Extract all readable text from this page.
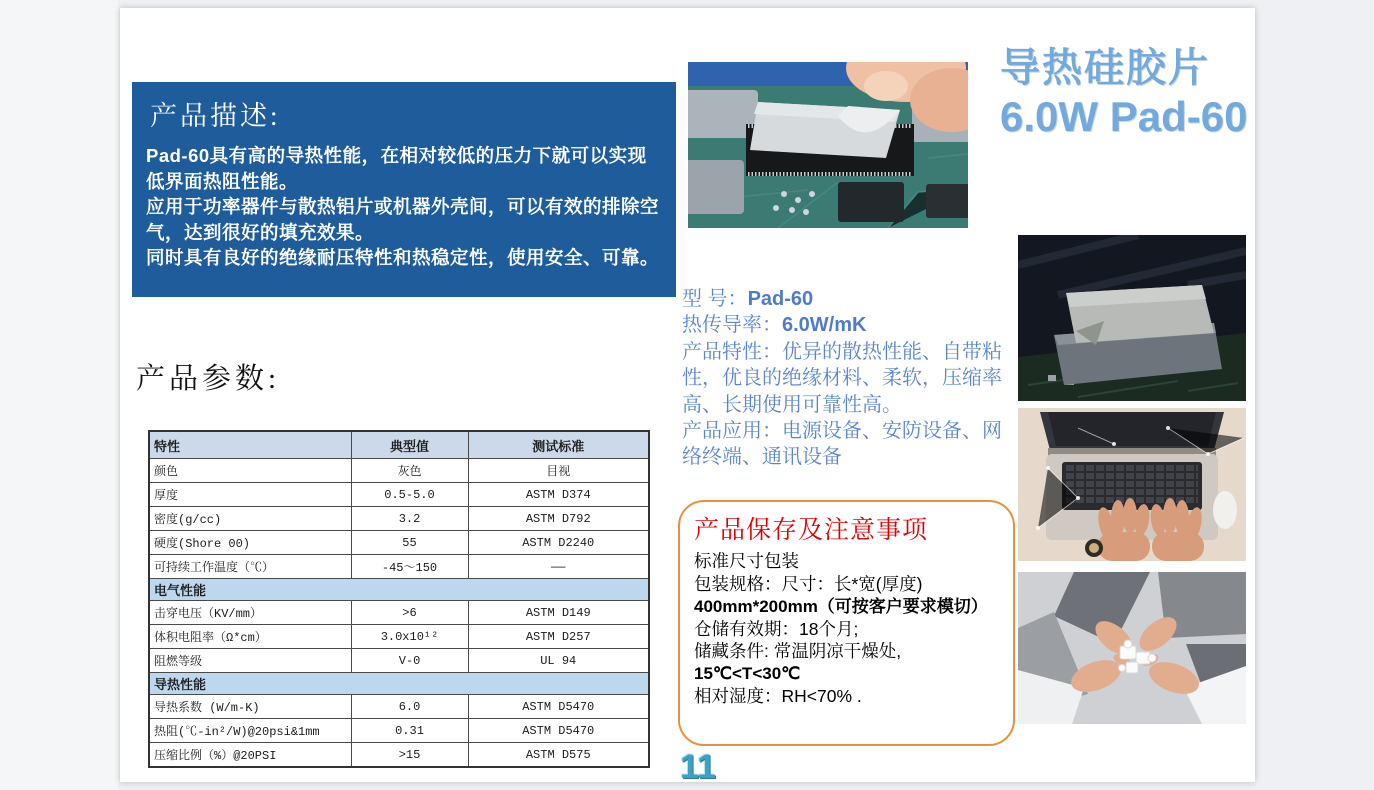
产品描述:

Pad-60具有高的导热性能，在相对较低的压力下就可以实现低界面热阻性能。

应用于功率器件与散热铝片或机器外壳间，可以有效的排除空气，达到很好的填充效果。

同时具有良好的绝缘耐压特性和热稳定性，使用安全、可靠。

产品参数:
特性	典型值	测试标准
颜色	灰色	目视
厚度	0.5-5.0	ASTM D374
密度(g/cc)	3.2	ASTM D792
硬度(Shore 00)	55	ASTM D2240
可持续工作温度（℃）	-45～150	——
电气性能		
击穿电压（KV/mm）	>6	ASTM D149
体积电阻率（Ω*cm）	3.0x10¹²	ASTM D257
阻燃等级	V-0	UL 94
导热性能		
导热系数 (W/m-K)	6.0	ASTM D5470
热阻(℃-in²/W)@20psi&1mm	0.31	ASTM D5470
压缩比例（%）@20PSI	>15	ASTM D575

型 号：Pad-60

热传导率：6.0W/mK

产品特性：优异的散热性能、自带粘性，优良的绝缘材料、柔软，压缩率高、长期使用可靠性高。

产品应用：电源设备、安防设备、网络终端、通讯设备

产品保存及注意事项

标准尺寸包装

包装规格：尺寸：长*宽(厚度)

400mm*200mm（可按客户要求模切）

仓储有效期：18个月;

储藏条件: 常温阴凉干燥处,

15℃<T<30℃

相对湿度：RH<70% .

导热硅胶片
6.0W Pad-60
11
